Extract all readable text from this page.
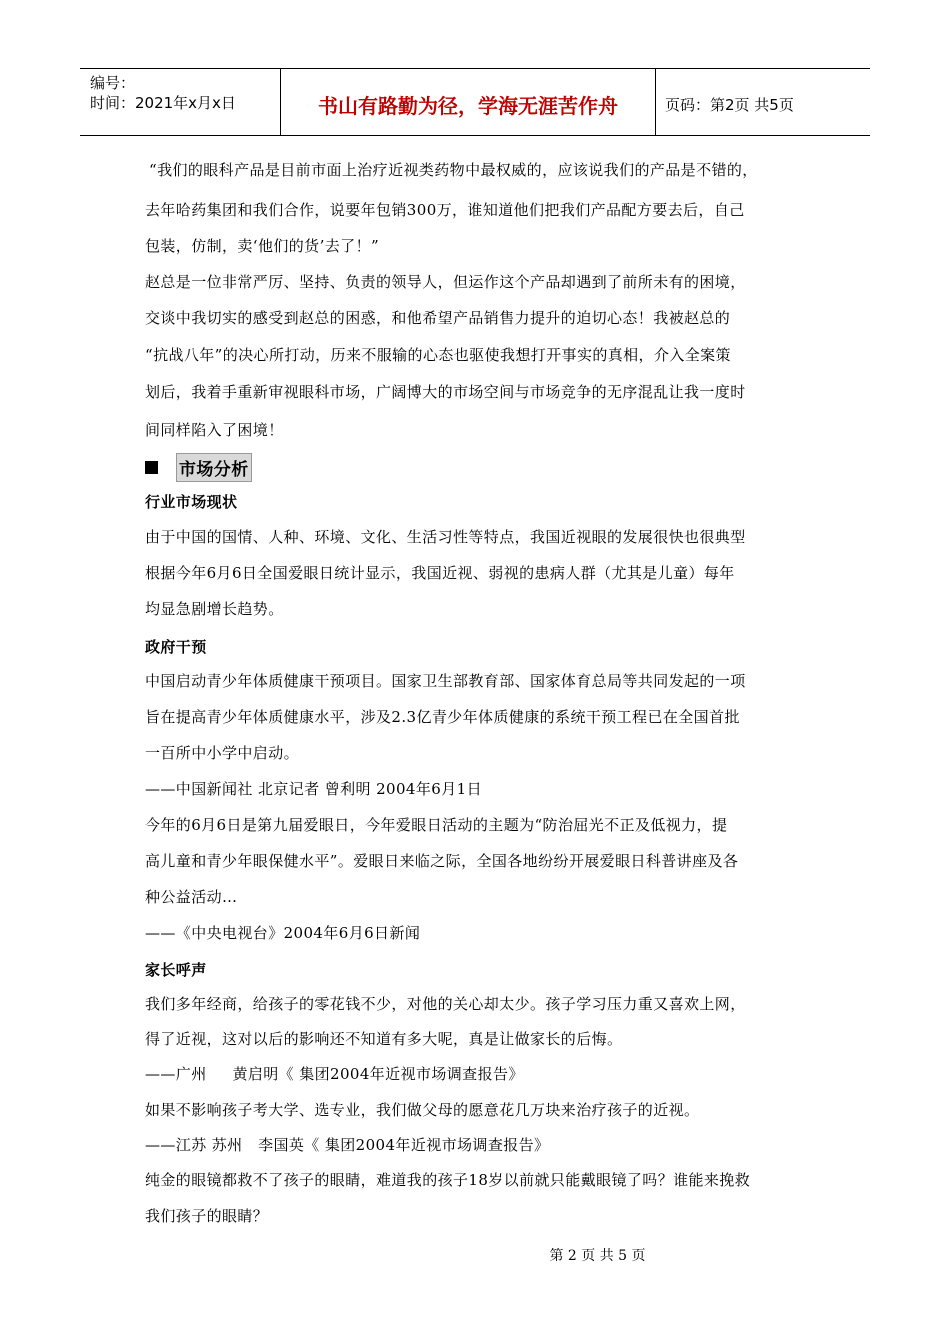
编号：
时间：2021年x月x日	书山有路勤为径，学海无涯苦作舟	页码：第2页 共5页
“我们的眼科产品是目前市面上治疗近视类药物中最权威的，应该说我们的产品是不错的，
去年哈药集团和我们合作，说要年包销300万，谁知道他们把我们产品配方要去后，自己
包装，仿制，卖‘他们的货’去了！”
赵总是一位非常严厉、坚持、负责的领导人，但运作这个产品却遇到了前所未有的困境，
交谈中我切实的感受到赵总的困惑，和他希望产品销售力提升的迫切心态！我被赵总的
“抗战八年”的决心所打动，历来不服输的心态也驱使我想打开事实的真相，介入全案策
划后，我着手重新审视眼科市场，广阔博大的市场空间与市场竞争的无序混乱让我一度时
间同样陷入了困境！
市场分析
行业市场现状
由于中国的国情、人种、环境、文化、生活习性等特点，我国近视眼的发展很快也很典型
根据今年6月6日全国爱眼日统计显示，我国近视、弱视的患病人群（尤其是儿童）每年
均显急剧增长趋势。
政府干预
中国启动青少年体质健康干预项目。国家卫生部教育部、国家体育总局等共同发起的一项
旨在提高青少年体质健康水平，涉及2.3亿青少年体质健康的系统干预工程已在全国首批
一百所中小学中启动。
——中国新闻社 北京记者 曾利明 2004年6月1日
今年的6月6日是第九届爱眼日，今年爱眼日活动的主题为“防治屈光不正及低视力，提
高儿童和青少年眼保健水平”。爱眼日来临之际，全国各地纷纷开展爱眼日科普讲座及各
种公益活动…
——《中央电视台》2004年6月6日新闻
家长呼声
我们多年经商，给孩子的零花钱不少，对他的关心却太少。孩子学习压力重又喜欢上网，
得了近视，这对以后的影响还不知道有多大呢，真是让做家长的后悔。
——广州     黄启明《 集团2004年近视市场调查报告》
如果不影响孩子考大学、选专业，我们做父母的愿意花几万块来治疗孩子的近视。
——江苏 苏州   李国英《 集团2004年近视市场调查报告》
纯金的眼镜都救不了孩子的眼睛，难道我的孩子18岁以前就只能戴眼镜了吗？谁能来挽救
我们孩子的眼睛？
第 2 页 共 5 页
